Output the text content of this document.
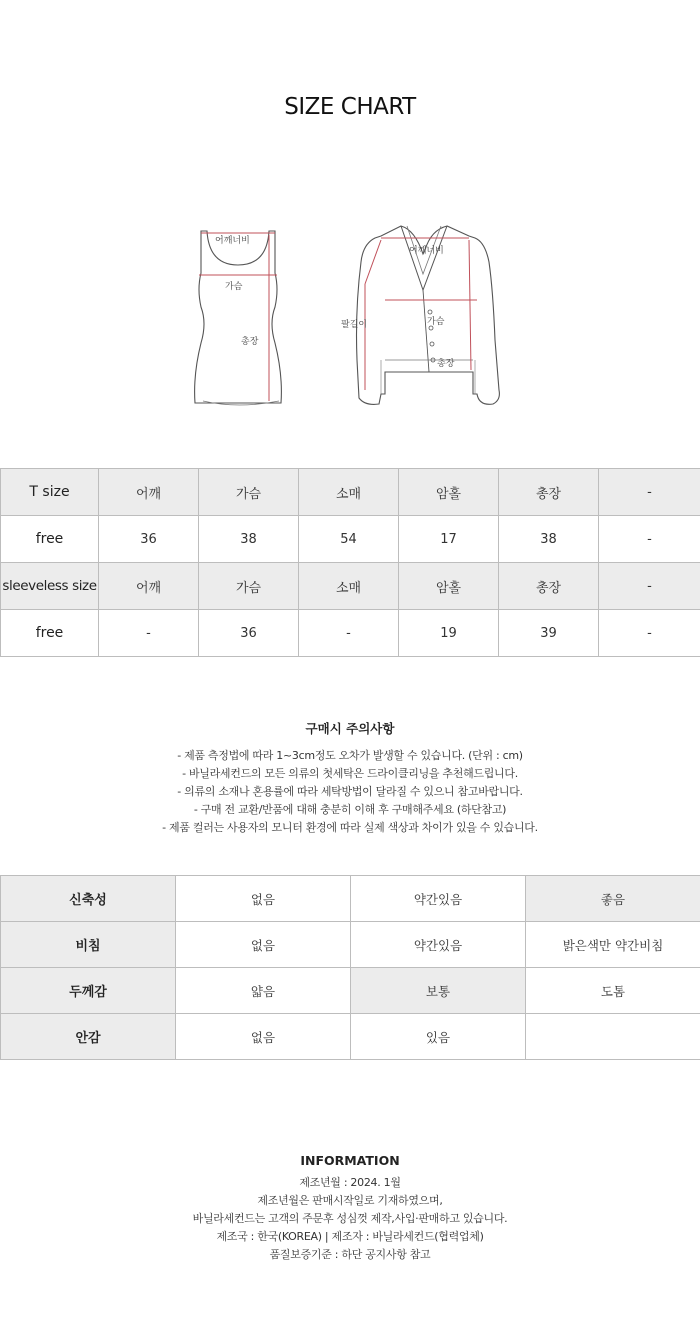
SIZE CHART
어깨너비
가슴
총장
어깨너비
팔길이	가슴
총장
T size	어깨	가슴	소매	암홀	총장	-
free	36	38	54	17	38	-
sleeveless size	어깨	가슴	소매	암홀	총장	-
free	-	36	-	19	39	-
구매시 주의사항
- 제품 측정법에 따라 1~3cm정도 오차가 발생할 수 있습니다. (단위 : cm)
- 바닐라세컨드의 모든 의류의 첫세탁은 드라이클리닝을 추천해드립니다.
- 의류의 소재나 혼용률에 따라 세탁방법이 달라질 수 있으니 참고바랍니다.
- 구매 전 교환/반품에 대해 충분히 이해 후 구매해주세요 (하단참고)
- 제품 컬러는 사용자의 모니터 환경에 따라 실제 색상과 차이가 있을 수 있습니다.
신축성	없음	약간있음	좋음
비침	없음	약간있음	밝은색만 약간비침
두께감	얇음	보통	도톰
안감	없음	있음	
INFORMATION
제조년월 : 2024. 1월
제조년월은 판매시작일로 기재하였으며,
바닐라세컨드는 고객의 주문후 성심껏 제작,사입·판매하고 있습니다.
제조국 : 한국(KOREA) | 제조자 : 바닐라세컨드(협력업체)
품질보증기준 : 하단 공지사항 참고
